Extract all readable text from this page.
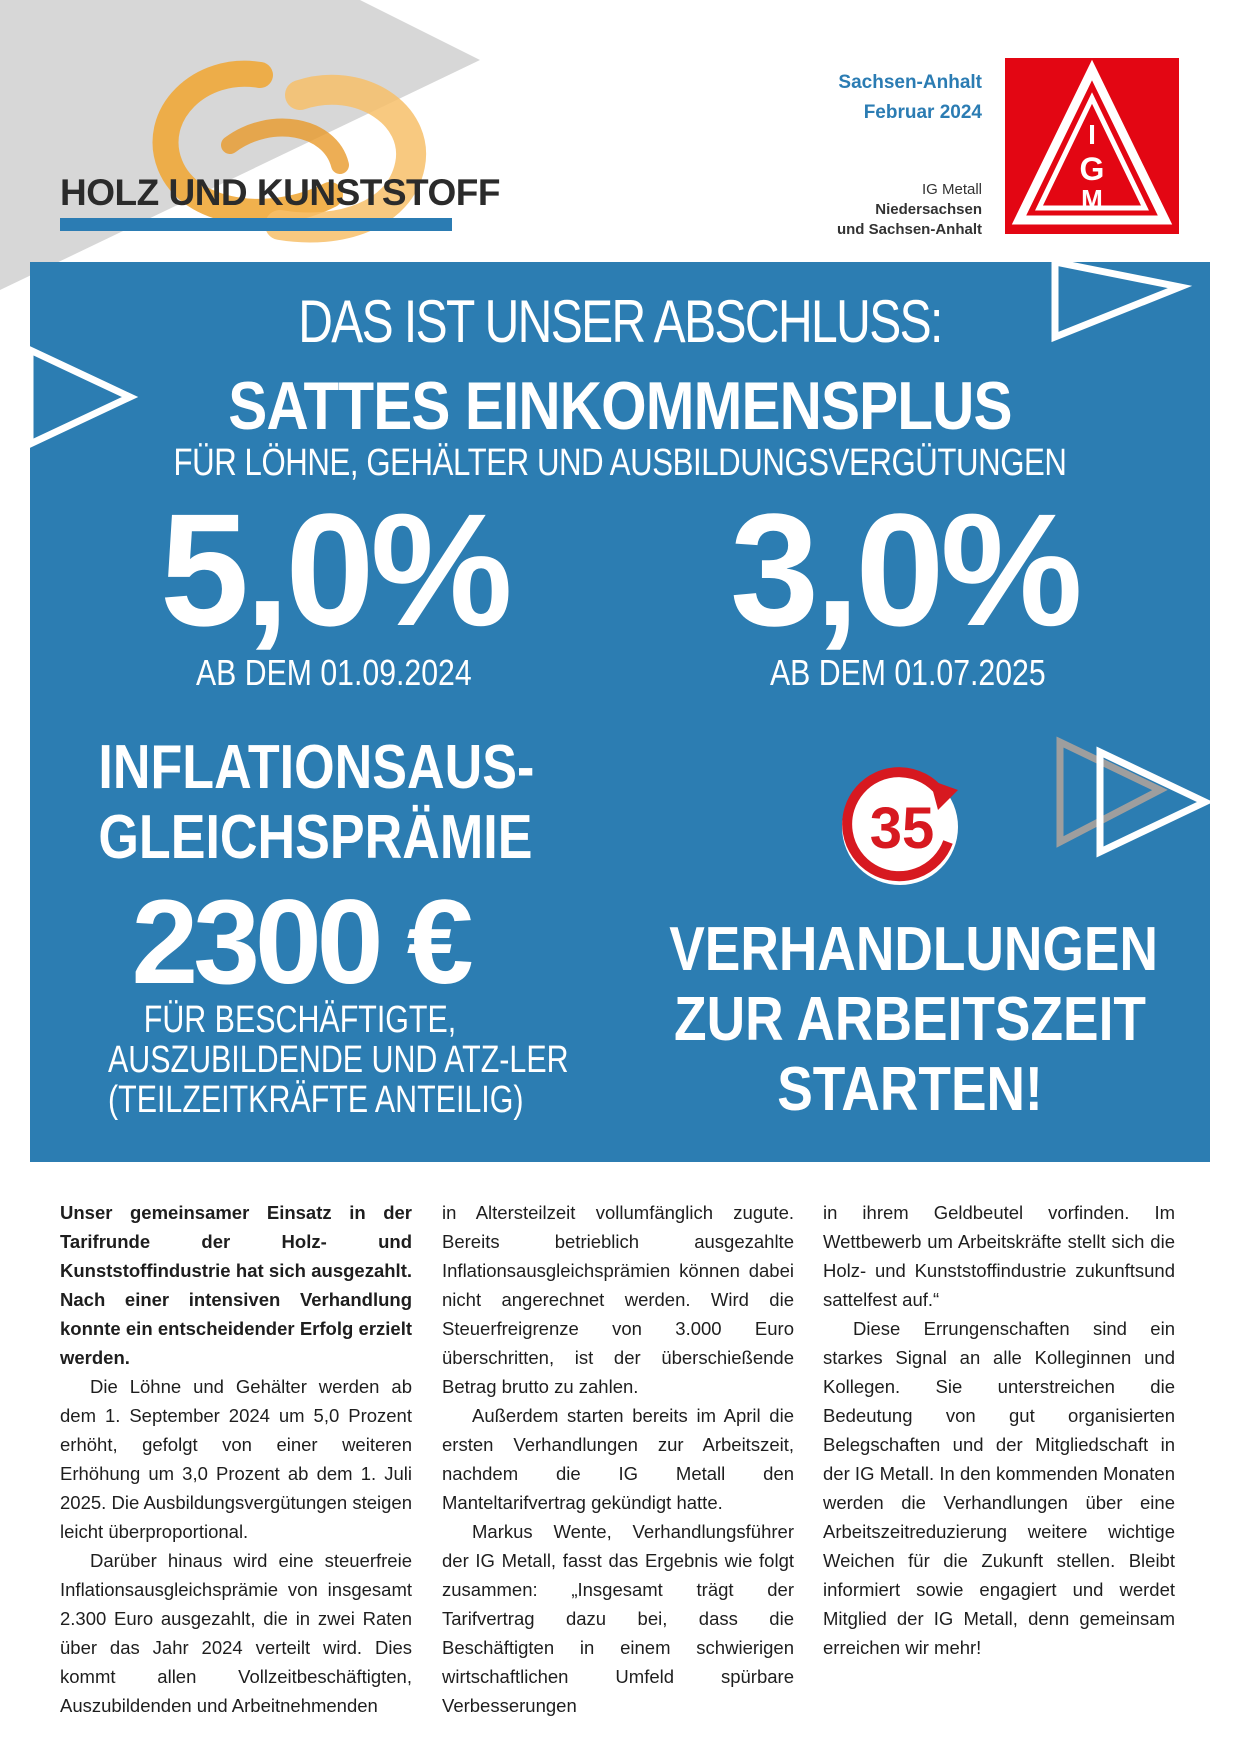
HOLZ UND KUNSTSTOFF
Sachsen-Anhalt
Februar 2024
IG Metall
Niedersachsen
und Sachsen-Anhalt
I
G
M
DAS IST UNSER ABSCHLUSS:
SATTES EINKOMMENSPLUS
FÜR LÖHNE, GEHÄLTER UND AUSBILDUNGSVERGÜTUNGEN
5,0%
AB DEM 01.09.2024
3,0%
AB DEM 01.07.2025
INFLATIONSAUS-
GLEICHSPRÄMIE
2300 €
FÜR BESCHÄFTIGTE,
AUSZUBILDENDE UND ATZ-LER
(TEILZEITKRÄFTE ANTEILIG)
35
VERHANDLUNGEN
ZUR ARBEITSZEIT
STARTEN!

Unser gemeinsamer Einsatz in der Tarifrunde der Holz- und Kunststoffindustrie hat sich ausgezahlt. Nach einer intensiven Verhandlung konnte ein entscheidender Erfolg erzielt werden.

Die Löhne und Gehälter werden ab dem 1. September 2024 um 5,0 Prozent erhöht, gefolgt von einer weiteren Erhöhung um 3,0 Prozent ab dem 1. Juli 2025. Die Ausbildungsvergütungen steigen leicht überproportional.

Darüber hinaus wird eine steuerfreie Inflationsausgleichsprämie von insgesamt 2.300 Euro ausgezahlt, die in zwei Raten über das Jahr 2024 verteilt wird. Dies kommt allen Vollzeitbeschäftigten, Auszubildenden und Arbeitnehmenden

in Altersteilzeit vollumfänglich zugute. Bereits betrieblich ausgezahlte Inflationsausgleichsprämien können dabei nicht angerechnet werden. Wird die Steuerfreigrenze von 3.000 Euro überschritten, ist der überschießende Betrag brutto zu zahlen.

Außerdem starten bereits im April die ersten Verhandlungen zur Arbeitszeit, nachdem die IG Metall den Manteltarifvertrag gekündigt hatte.

Markus Wente, Verhandlungsführer der IG Metall, fasst das Ergebnis wie folgt zusammen: „Insgesamt trägt der Tarifvertrag dazu bei, dass die Beschäftigten in einem schwierigen wirtschaftlichen Umfeld spürbare Verbesserungen

in ihrem Geldbeutel vorfinden. Im Wettbewerb um Arbeitskräfte stellt sich die Holz- und Kunststoffindustrie zukunftsund sattelfest auf.“

Diese Errungenschaften sind ein starkes Signal an alle Kolleginnen und Kollegen. Sie unterstreichen die Bedeutung von gut organisierten Belegschaften und der Mitgliedschaft in der IG Metall. In den kommenden Monaten werden die Verhandlungen über eine Arbeitszeitreduzierung weitere wichtige Weichen für die Zukunft stellen. Bleibt informiert sowie engagiert und werdet Mitglied der IG Metall, denn gemeinsam erreichen wir mehr!
